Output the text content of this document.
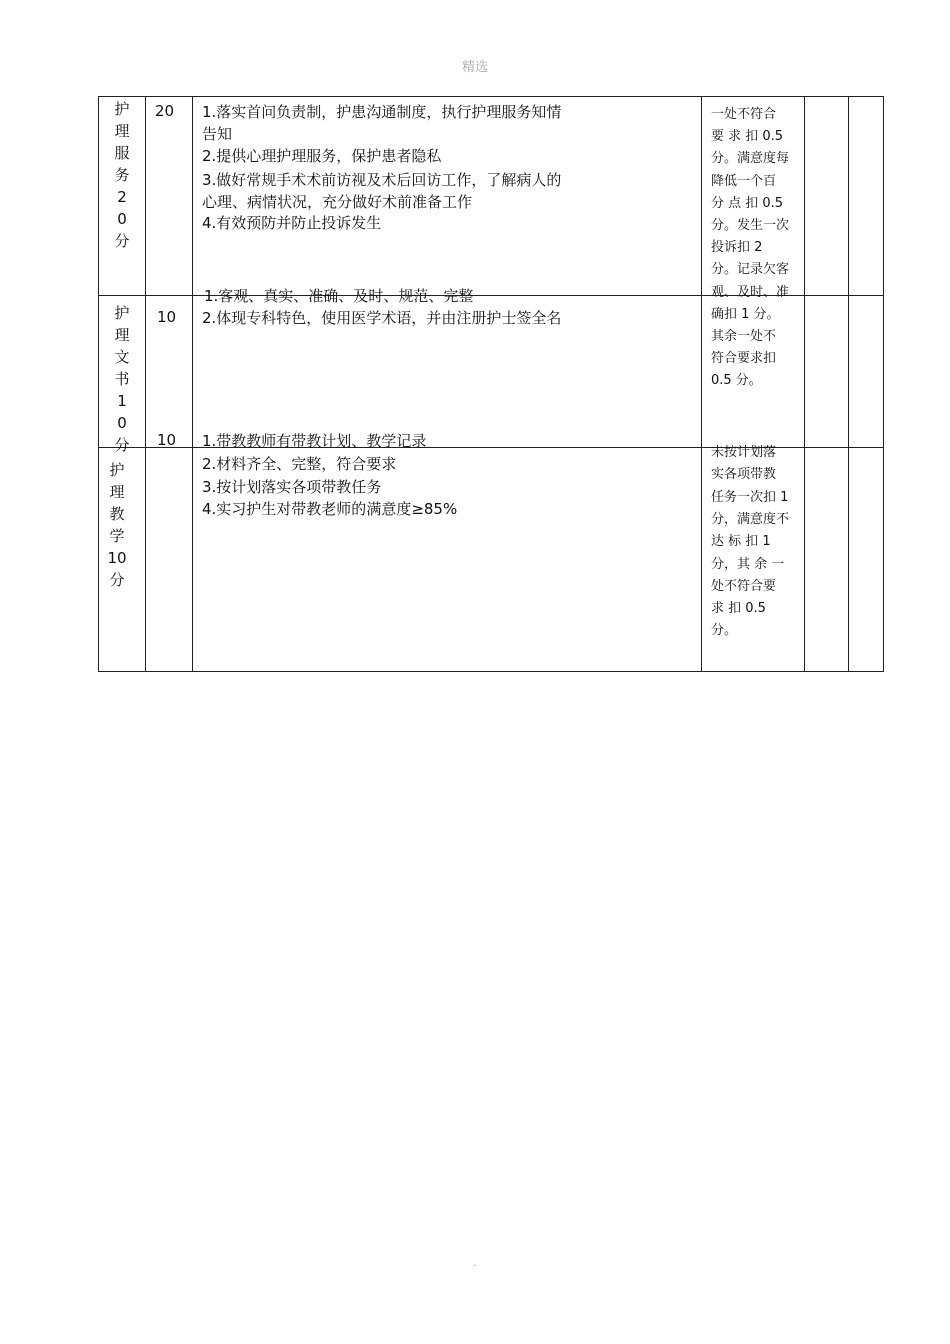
精选
护
理
服
务
2
0
分
20 1.落实首问负责制，护患沟通制度，执行护理服务知情
告知
2.提供心理护理服务，保护患者隐私
3.做好常规手术术前访视及术后回访工作，了解病人的
心理、病情状况，充分做好术前准备工作
4.有效预防并防止投诉发生
护
理
文
书
1
0
分
10
1.客观、真实、准确、及时、规范、完整
2.体现专科特色，使用医学术语，并由注册护士签全名
护
理
教
学
10
分
10 1.带教教师有带教计划、教学记录
2.材料齐全、完整，符合要求
3.按计划落实各项带教任务
4.实习护生对带教老师的满意度≥85%
一处不符合
要 求 扣 0.5
分。满意度每
降低一个百
分 点 扣 0.5
分。发生一次
投诉扣 2
分。记录欠客
观、及时、准
确扣 1 分。
其余一处不
符合要求扣
0.5 分。
未按计划落
实各项带教
任务一次扣 1
分，满意度不
达 标 扣 1
分，其 余 一
处不符合要
求 扣 0.5
分。
.
